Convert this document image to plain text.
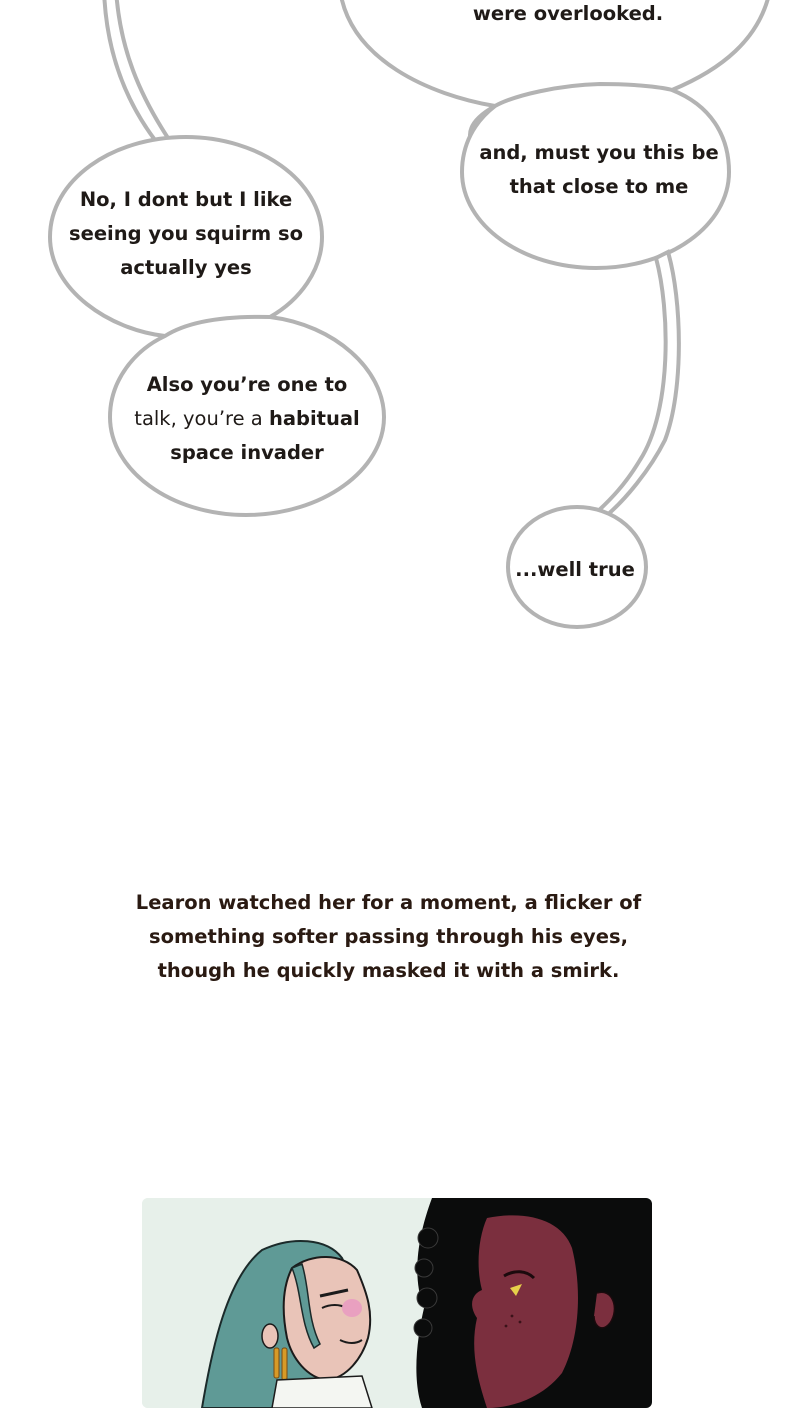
were overlooked.
No, I dont but I like
seeing you squirm so
actually yes
Also you’re one to
talk, you’re a habitual
space invader
and, must you this be
that close to me
...well true
Learon watched her for a moment, a flicker of
something softer passing through his eyes,
though he quickly masked it with a smirk.
